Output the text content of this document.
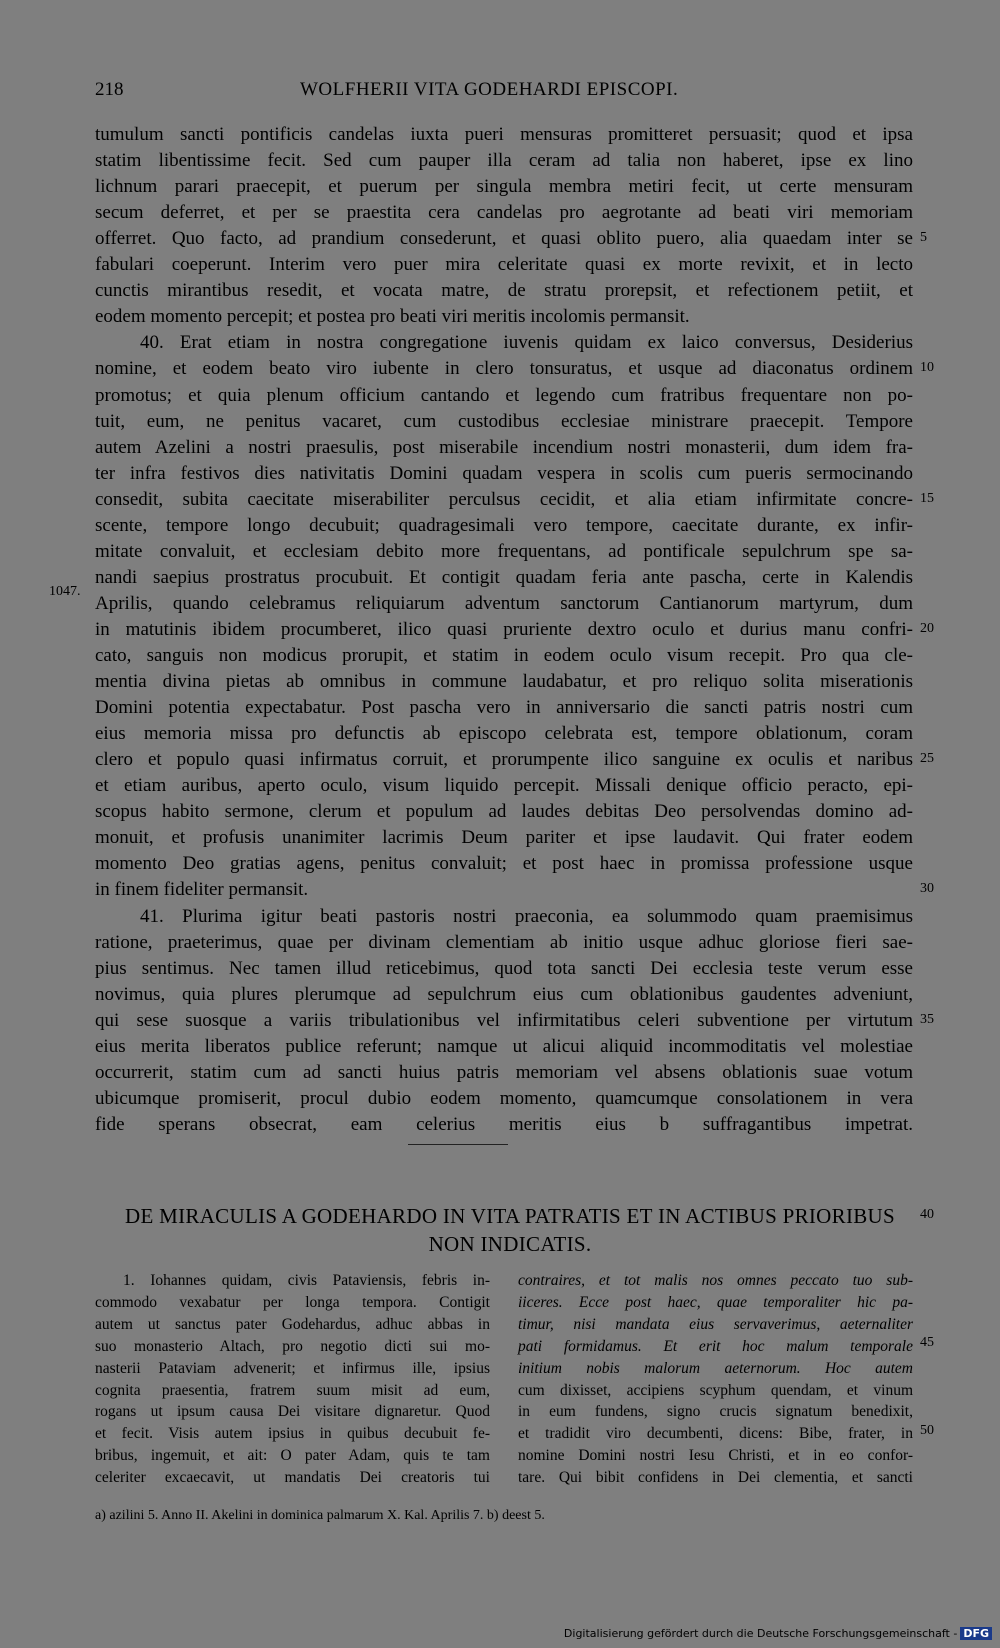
218	WOLFHERII VITA GODEHARDI EPISCOPI.
tumulum sancti pontificis candelas iuxta pueri mensuras promitteret persuasit; quod et ipsa
statim libentissime fecit. Sed cum pauper illa ceram ad talia non haberet, ipse ex lino
lichnum parari praecepit, et puerum per singula membra metiri fecit, ut certe mensuram
secum deferret, et per se praestita cera candelas pro aegrotante ad beati viri memoriam
offerret. Quo facto, ad prandium consederunt, et quasi oblito puero, alia quaedam inter se
fabulari coeperunt. Interim vero puer mira celeritate quasi ex morte revixit, et in lecto
cunctis mirantibus resedit, et vocata matre, de stratu prorepsit, et refectionem petiit, et
eodem momento percepit; et postea pro beati viri meritis incolomis permansit.
40. Erat etiam in nostra congregatione iuvenis quidam ex laico conversus, Desiderius
nomine, et eodem beato viro iubente in clero tonsuratus, et usque ad diaconatus ordinem
promotus; et quia plenum officium cantando et legendo cum fratribus frequentare non po-
tuit, eum, ne penitus vacaret, cum custodibus ecclesiae ministrare praecepit. Tempore
autem Azelini a nostri praesulis, post miserabile incendium nostri monasterii, dum idem fra-
ter infra festivos dies nativitatis Domini quadam vespera in scolis cum pueris sermocinando
consedit, subita caecitate miserabiliter perculsus cecidit, et alia etiam infirmitate concre-
scente, tempore longo decubuit; quadragesimali vero tempore, caecitate durante, ex infir-
mitate convaluit, et ecclesiam debito more frequentans, ad pontificale sepulchrum spe sa-
nandi saepius prostratus procubuit. Et contigit quadam feria ante pascha, certe in Kalendis
Aprilis, quando celebramus reliquiarum adventum sanctorum Cantianorum martyrum, dum
in matutinis ibidem procumberet, ilico quasi pruriente dextro oculo et durius manu confri-
cato, sanguis non modicus prorupit, et statim in eodem oculo visum recepit. Pro qua cle-
mentia divina pietas ab omnibus in commune laudabatur, et pro reliquo solita miserationis
Domini potentia expectabatur. Post pascha vero in anniversario die sancti patris nostri cum
eius memoria missa pro defunctis ab episcopo celebrata est, tempore oblationum, coram
clero et populo quasi infirmatus corruit, et prorumpente ilico sanguine ex oculis et naribus
et etiam auribus, aperto oculo, visum liquido percepit. Missali denique officio peracto, epi-
scopus habito sermone, clerum et populum ad laudes debitas Deo persolvendas domino ad-
monuit, et profusis unanimiter lacrimis Deum pariter et ipse laudavit. Qui frater eodem
momento Deo gratias agens, penitus convaluit; et post haec in promissa professione usque
in finem fideliter permansit.
41. Plurima igitur beati pastoris nostri praeconia, ea solummodo quam praemisimus
ratione, praeterimus, quae per divinam clementiam ab initio usque adhuc gloriose fieri sae-
pius sentimus. Nec tamen illud reticebimus, quod tota sancti Dei ecclesia teste verum esse
novimus, quia plures plerumque ad sepulchrum eius cum oblationibus gaudentes adveniunt,
qui sese suosque a variis tribulationibus vel infirmitatibus celeri subventione per virtutum
eius merita liberatos publice referunt; namque ut alicui aliquid incommoditatis vel molestiae
occurrerit, statim cum ad sancti huius patris memoriam vel absens oblationis suae votum
ubicumque promiserit, procul dubio eodem momento, quamcumque consolationem in vera
fide sperans obsecrat, eam celerius meritis eius b suffragantibus impetrat.
5
10
15
20
25
30
35
1047.
DE MIRACULIS A GODEHARDO IN VITA PATRATIS ET IN ACTIBUS PRIORIBUS
NON INDICATIS.
1. Iohannes quidam, civis Pataviensis, febris in-
commodo vexabatur per longa tempora. Contigit
autem ut sanctus pater Godehardus, adhuc abbas in
suo monasterio Altach, pro negotio dicti sui mo-
nasterii Pataviam advenerit; et infirmus ille, ipsius
cognita praesentia, fratrem suum misit ad eum,
rogans ut ipsum causa Dei visitare dignaretur. Quod
et fecit. Visis autem ipsius in quibus decubuit fe-
bribus, ingemuit, et ait: O pater Adam, quis te tam
celeriter excaecavit, ut mandatis Dei creatoris tui
contraires, et tot malis nos omnes peccato tuo sub-
iiceres. Ecce post haec, quae temporaliter hic pa-
timur, nisi mandata eius servaverimus, aeternaliter
pati formidamus. Et erit hoc malum temporale
initium nobis malorum aeternorum. Hoc autem
cum dixisset, accipiens scyphum quendam, et vinum
in eum fundens, signo crucis signatum benedixit,
et tradidit viro decumbenti, dicens: Bibe, frater, in
nomine Domini nostri Iesu Christi, et in eo confor-
tare. Qui bibit confidens in Dei clementia, et sancti
40
45
50
a) azilini 5. Anno II. Akelini in dominica palmarum X. Kal. Aprilis 7. b) deest 5.
Digitalisierung gefördert durch die Deutsche Forschungsgemeinschaft - DFG
